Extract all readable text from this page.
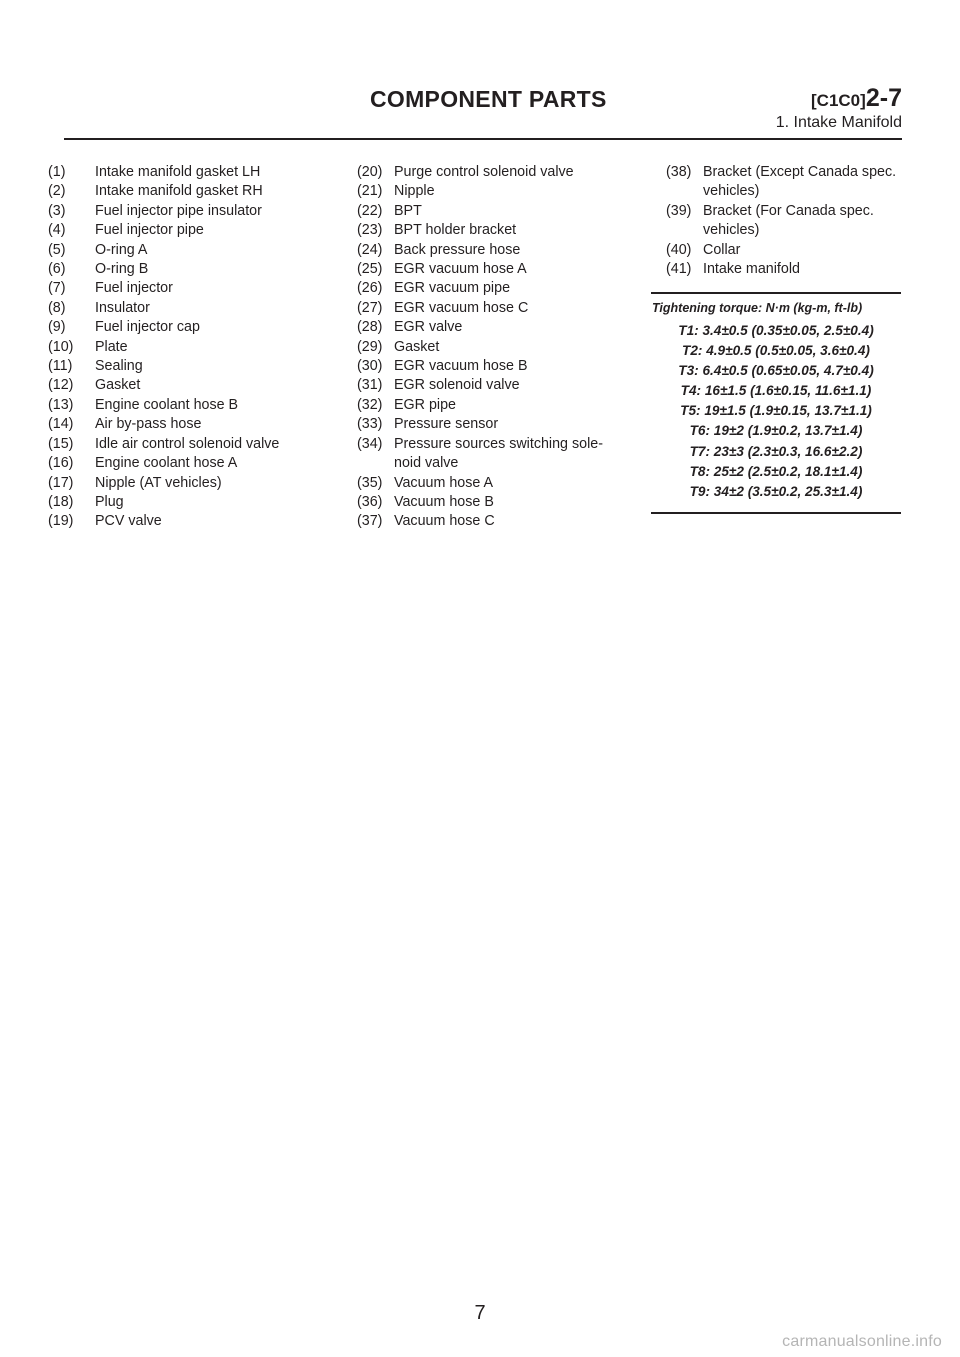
COMPONENT PARTS	[C1C0] 2-7
1. Intake Manifold
(1)	Intake manifold gasket LH
(2)	Intake manifold gasket RH
(3)	Fuel injector pipe insulator
(4)	Fuel injector pipe
(5)	O-ring A
(6)	O-ring B
(7)	Fuel injector
(8)	Insulator
(9)	Fuel injector cap
(10)	Plate
(11)	Sealing
(12)	Gasket
(13)	Engine coolant hose B
(14)	Air by-pass hose
(15)	Idle air control solenoid valve
(16)	Engine coolant hose A
(17)	Nipple (AT vehicles)
(18)	Plug
(19)	PCV valve
(20) Purge control solenoid valve
(21) Nipple
(22) BPT
(23) BPT holder bracket
(24) Back pressure hose
(25) EGR vacuum hose A
(26) EGR vacuum pipe
(27) EGR vacuum hose C
(28) EGR valve
(29) Gasket
(30) EGR vacuum hose B
(31) EGR solenoid valve
(32) EGR pipe
(33) Pressure sensor
(34) Pressure sources switching sole-
noid valve
(35) Vacuum hose A
(36) Vacuum hose B
(37) Vacuum hose C
(38) Bracket (Except Canada spec.
vehicles)
(39) Bracket (For Canada spec.
vehicles)
(40) Collar
(41) Intake manifold
Tightening torque: N·m (kg-m, ft-lb)
T1: 3.4±0.5 (0.35±0.05, 2.5±0.4)
T2: 4.9±0.5 (0.5±0.05, 3.6±0.4)
T3: 6.4±0.5 (0.65±0.05, 4.7±0.4)
T4: 16±1.5 (1.6±0.15, 11.6±1.1)
T5: 19±1.5 (1.9±0.15, 13.7±1.1)
T6: 19±2 (1.9±0.2, 13.7±1.4)
T7: 23±3 (2.3±0.3, 16.6±2.2)
T8: 25±2 (2.5±0.2, 18.1±1.4)
T9: 34±2 (3.5±0.2, 25.3±1.4)
7
carmanualsonline.info
